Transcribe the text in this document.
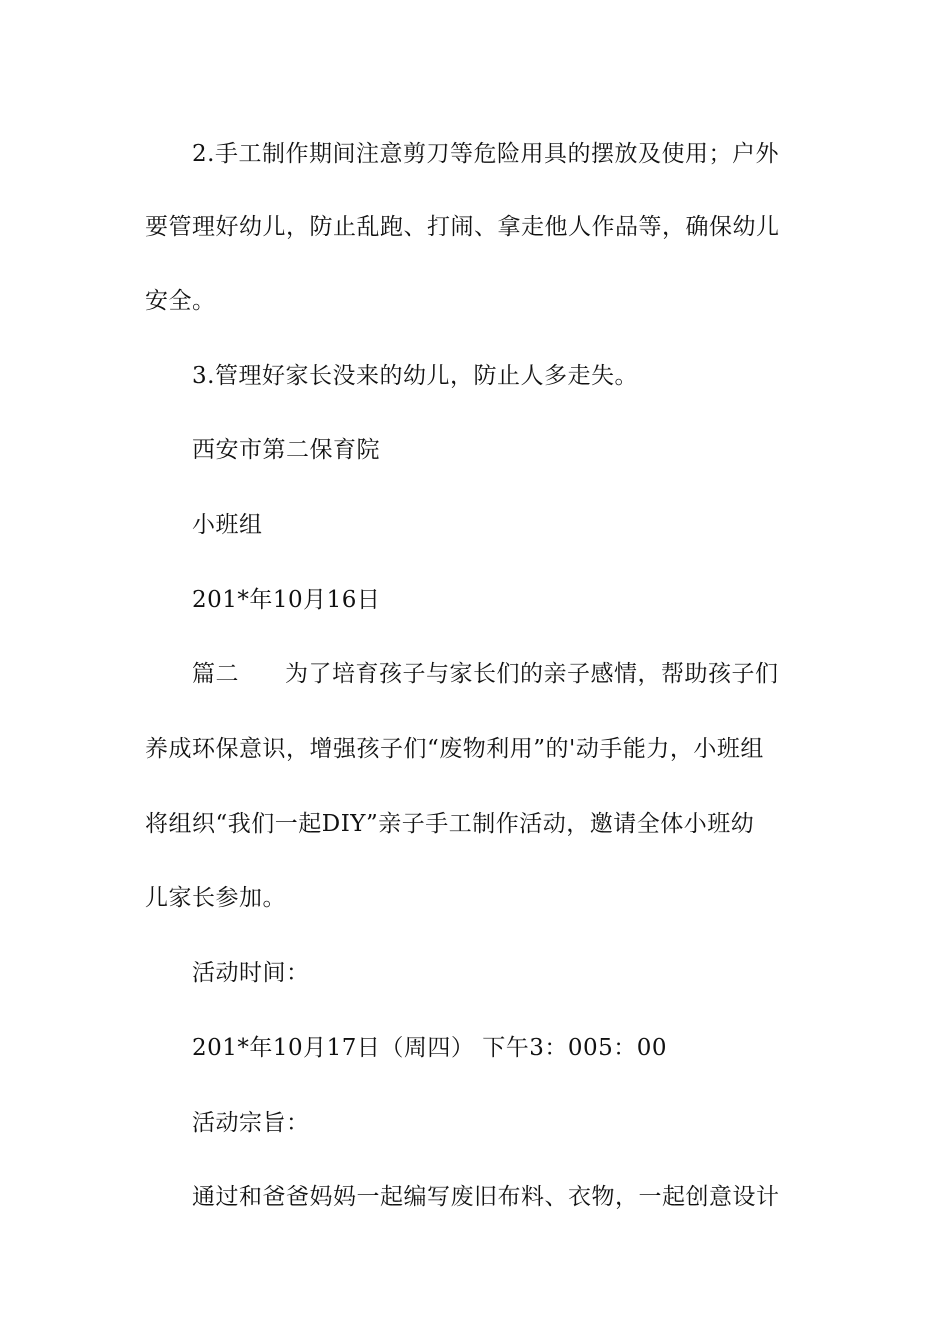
2.手工制作期间注意剪刀等危险用具的摆放及使用；户外
要管理好幼儿，防止乱跑、打闹、拿走他人作品等，确保幼儿
安全。
3.管理好家长没来的幼儿，防止人多走失。
西安市第二保育院
小班组
201*年10月16日
篇二 为了培育孩子与家长们的亲子感情，帮助孩子们
养成环保意识，增强孩子们“废物利用”的'动手能力，小班组
将组织“我们一起DIY”亲子手工制作活动，邀请全体小班幼
儿家长参加。
活动时间：
201*年10月17日（周四） 下午3：005：00
活动宗旨：
通过和爸爸妈妈一起编写废旧布料、衣物，一起创意设计
